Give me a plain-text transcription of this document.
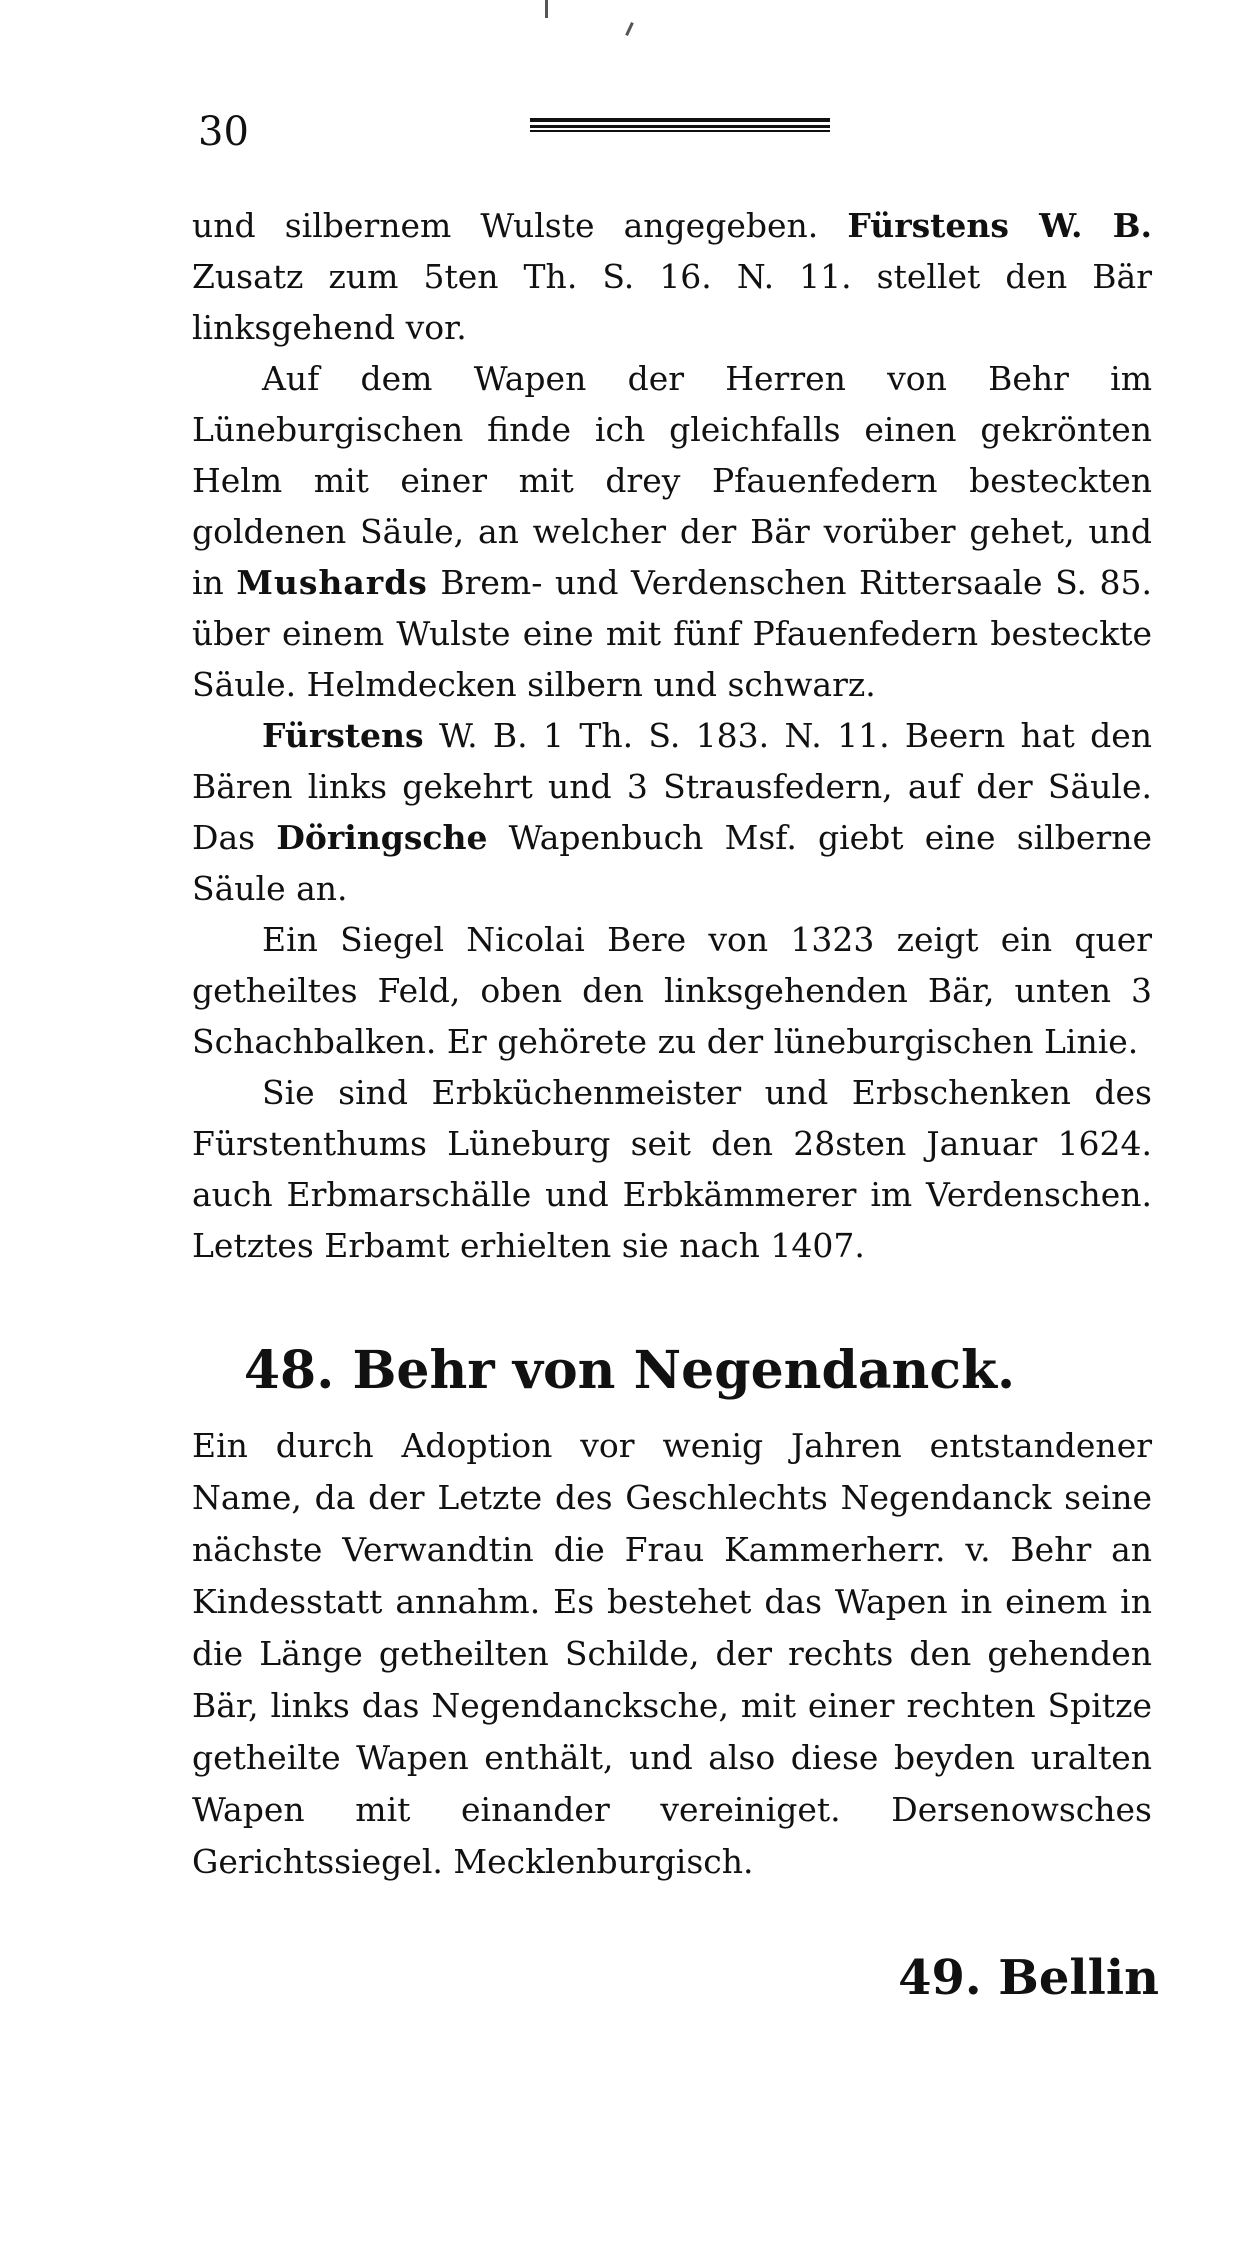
30

und silbernem Wulste angegeben. Fürstens W. B. Zusatz zum 5ten Th. S. 16. N. 11. stellet den Bär linksgehend vor.

Auf dem Wapen der Herren von Behr im Lüneburgischen finde ich gleichfalls einen gekrönten Helm mit einer mit drey Pfauenfedern besteckten goldenen Säule, an welcher der Bär vorüber gehet, und in Mushards Brem- und Verdenschen Rittersaale S. 85. über einem Wulste eine mit fünf Pfauenfedern besteckte Säule. Helmdecken silbern und schwarz.

Fürstens W. B. 1 Th. S. 183. N. 11. Beern hat den Bären links gekehrt und 3 Strausfedern, auf der Säule. Das Döringsche Wapenbuch Msf. giebt eine silberne Säule an.

Ein Siegel Nicolai Bere von 1323 zeigt ein quer getheiltes Feld, oben den linksgehenden Bär, unten 3 Schachbalken. Er gehörete zu der lüneburgischen Linie.

Sie sind Erbküchenmeister und Erbschenken des Fürstenthums Lüneburg seit den 28sten Januar 1624. auch Erbmarschälle und Erbkämmerer im Verdenschen. Letztes Erbamt erhielten sie nach 1407.

48. Behr von Negendanck.

Ein durch Adoption vor wenig Jahren entstandener Name, da der Letzte des Geschlechts Negendanck seine nächste Verwandtin die Frau Kammerherr. v. Behr an Kindesstatt annahm. Es bestehet das Wapen in einem in die Länge getheilten Schilde, der rechts den gehenden Bär, links das Negendancksche, mit einer rechten Spitze getheilte Wapen enthält, und also diese beyden uralten Wapen mit einander vereiniget. Dersenowsches Gerichtssiegel. Mecklenburgisch.

49. Bellin
